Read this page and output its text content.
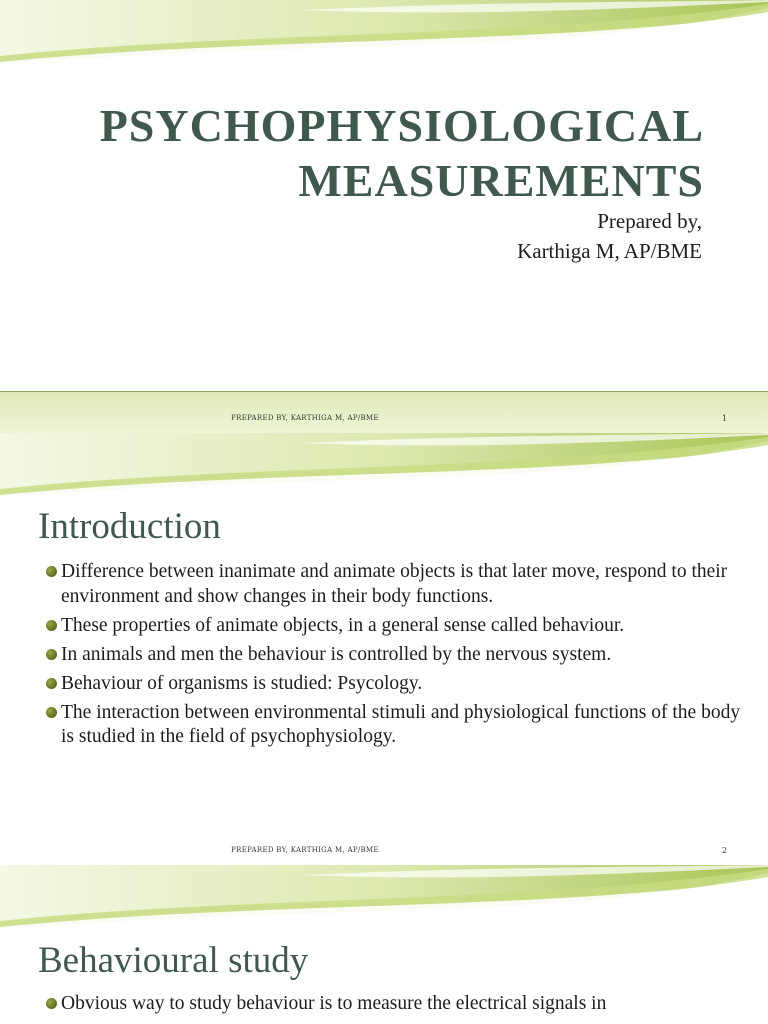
PSYCHOPHYSIOLOGICAL
MEASUREMENTS
Prepared by,
Karthiga M, AP/BME
PREPARED BY, KARTHIGA M, AP/BME	1
Introduction
Difference between inanimate and animate objects is that later move, respond to their environment and show changes in their body functions.
These properties of animate objects, in a general sense called behaviour.
In animals and men the behaviour is controlled by the nervous system.
Behaviour of organisms is studied: Psycology.
The interaction between environmental stimuli and physiological functions of the body is studied in the field of psychophysiology.
PREPARED BY, KARTHIGA M, AP/BME	2
Behavioural study
Obvious way to study behaviour is to measure the electrical signals in
